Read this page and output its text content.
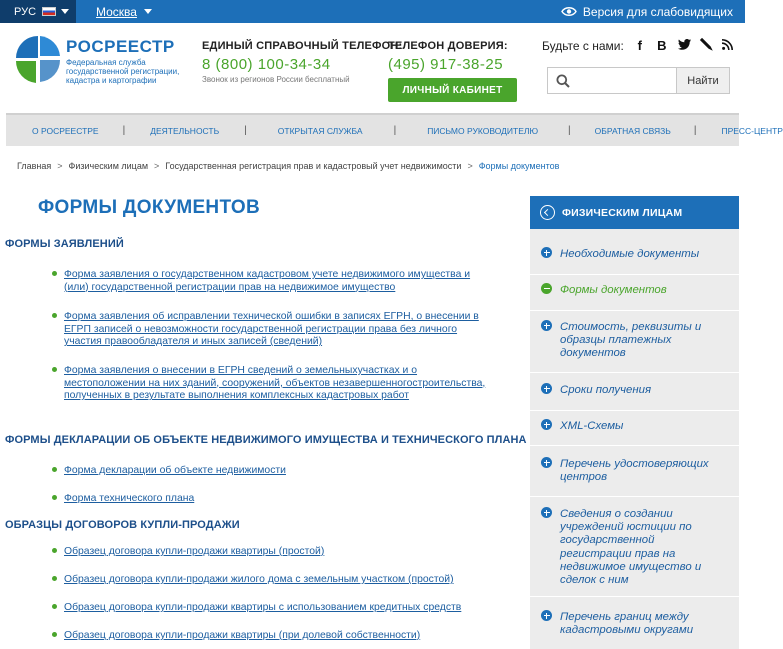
РУС	Москва	Версия для слабовидящих
РОСРЕЕСТР
Федеральная служба государственной регистрации, кадастра и картографии
ЕДИНЫЙ СПРАВОЧНЫЙ ТЕЛЕФОН:
8 (800) 100-34-34
Звонок из регионов России бесплатный
ТЕЛЕФОН ДОВЕРИЯ:
(495) 917-38-25
ЛИЧНЫЙ КАБИНЕТ
Будьте с нами: f B
Найти
О РОСРЕЕСТРЕ |	ДЕЯТЕЛЬНОСТЬ	|	ОТКРЫТАЯ СЛУЖБА	|	ПИСЬМО РУКОВОДИТЕЛЮ	|	ОБРАТНАЯ СВЯЗЬ |	ПРЕСС-ЦЕНТР
Главная > Физическим лицам > Государственная регистрация прав и кадастровый учет недвижимости > Формы документов
ФОРМЫ ДОКУМЕНТОВ
ФОРМЫ ЗАЯВЛЕНИЙ
Форма заявления о государственном кадастровом учете недвижимого имущества и (или) государственной регистрации прав на недвижимое имущество
Форма заявления об исправлении технической ошибки в записях ЕГРН, о внесении в ЕГРП записей о невозможности государственной регистрации права без личного участия правообладателя и иных записей (сведений)
Форма заявления о внесении в ЕГРН сведений о земельныхучастках и о местоположении на них зданий, сооружений, объектов незавершенногостроительства, полученных в результате выполнения комплексных кадастровых работ
ФОРМЫ ДЕКЛАРАЦИИ ОБ ОБЪЕКТЕ НЕДВИЖИМОГО ИМУЩЕСТВА И ТЕХНИЧЕСКОГО ПЛАНА
Форма декларации об объекте недвижимости
Форма технического плана
ОБРАЗЦЫ ДОГОВОРОВ КУПЛИ-ПРОДАЖИ
Образец договора купли-продажи квартиры (простой)
Образец договора купли-продажи жилого дома с земельным участком (простой)
Образец договора купли-продажи квартиры с использованием кредитных средств
Образец договора купли-продажи квартиры (при долевой собственности)
ФИЗИЧЕСКИМ ЛИЦАМ
Необходимые документы
Формы документов
Стоимость, реквизиты и образцы платежных документов
Сроки получения
XML-Схемы
Перечень удостоверяющих центров
Сведения о создании учреждений юстиции по государственной регистрации прав на недвижимое имущество и сделок с ним
Перечень границ между кадастровыми округами
